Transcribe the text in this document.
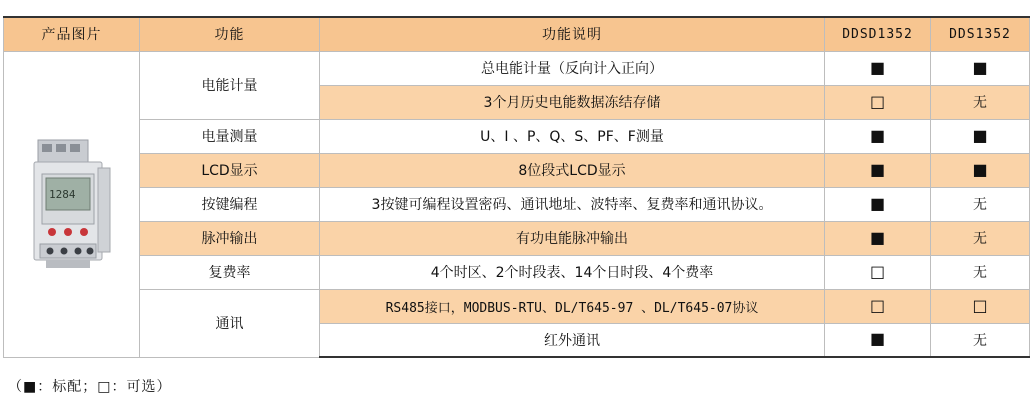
产品图片	功能	功能说明	DDSD1352	DDS1352

1284	电能计量	总电能计量（反向计入正向）	■	■
		3个月历史电能数据冻结存储	□	无
	电量测量	U、I 、P、Q、S、PF、F测量	■	■
	LCD显示	8位段式LCD显示	■	■
	按键编程	3按键可编程设置密码、通讯地址、波特率、复费率和通讯协议。	■	无
	脉冲输出	有功电能脉冲输出	■	无
	复费率	4个时区、2个时段表、14个日时段、4个费率	□	无
	通讯	RS485接口，MODBUS-RTU、DL/T645-97 、DL/T645-07协议	□	□
		红外通讯	■	无
（■：标配；□：可选）
